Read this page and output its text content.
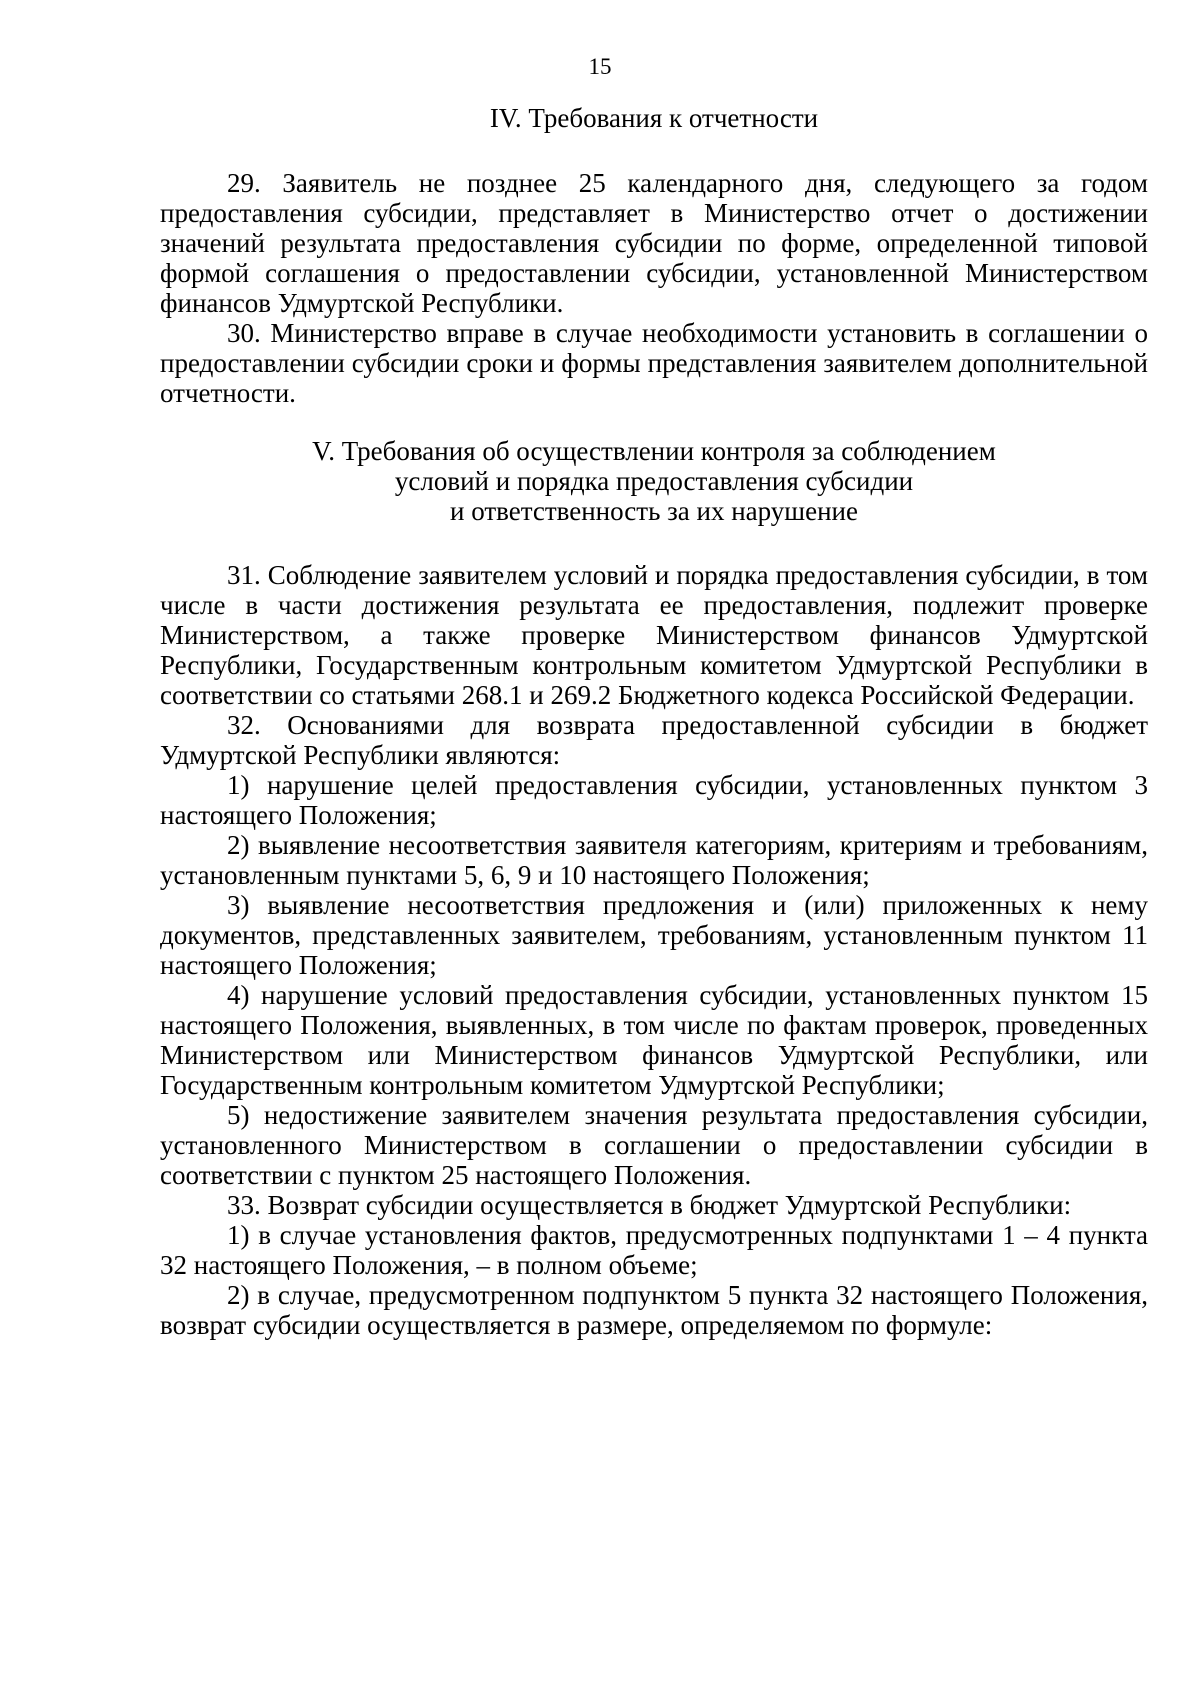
15
IV. Требования к отчетности

29. Заявитель не позднее 25 календарного дня, следующего за годом предоставления субсидии, представляет в Министерство отчет о достижении значений результата предоставления субсидии по форме, определенной типовой формой соглашения о предоставлении субсидии, установленной Министерством финансов Удмуртской Республики.

30. Министерство вправе в случае необходимости установить в соглашении о предоставлении субсидии сроки и формы представления заявителем дополнительной отчетности.

V. Требования об осуществлении контроля за соблюдением
условий и порядка предоставления субсидии
и ответственность за их нарушение

31. Соблюдение заявителем условий и порядка предоставления субсидии, в том числе в части достижения результата ее предоставления, подлежит проверке Министерством, а также проверке Министерством финансов Удмуртской Республики, Государственным контрольным комитетом Удмуртской Республики в соответствии со статьями 268.1 и 269.2 Бюджетного кодекса Российской Федерации.

32. Основаниями для возврата предоставленной субсидии в бюджет Удмуртской Республики являются:

1) нарушение целей предоставления субсидии, установленных пунктом 3 настоящего Положения;

2) выявление несоответствия заявителя категориям, критериям и требованиям, установленным пунктами 5, 6, 9 и 10 настоящего Положения;

3) выявление несоответствия предложения и (или) приложенных к нему документов, представленных заявителем, требованиям, установленным пунктом 11 настоящего Положения;

4) нарушение условий предоставления субсидии, установленных пунктом 15 настоящего Положения, выявленных, в том числе по фактам проверок, проведенных Министерством или Министерством финансов Удмуртской Республики, или Государственным контрольным комитетом Удмуртской Республики;

5) недостижение заявителем значения результата предоставления субсидии, установленного Министерством в соглашении о предоставлении субсидии в соответствии с пунктом 25 настоящего Положения.

33. Возврат субсидии осуществляется в бюджет Удмуртской Республики:

1) в случае установления фактов, предусмотренных подпунктами 1 – 4 пункта 32 настоящего Положения, – в полном объеме;

2) в случае, предусмотренном подпунктом 5 пункта 32 настоящего Положения, возврат субсидии осуществляется в размере, определяемом по формуле:
